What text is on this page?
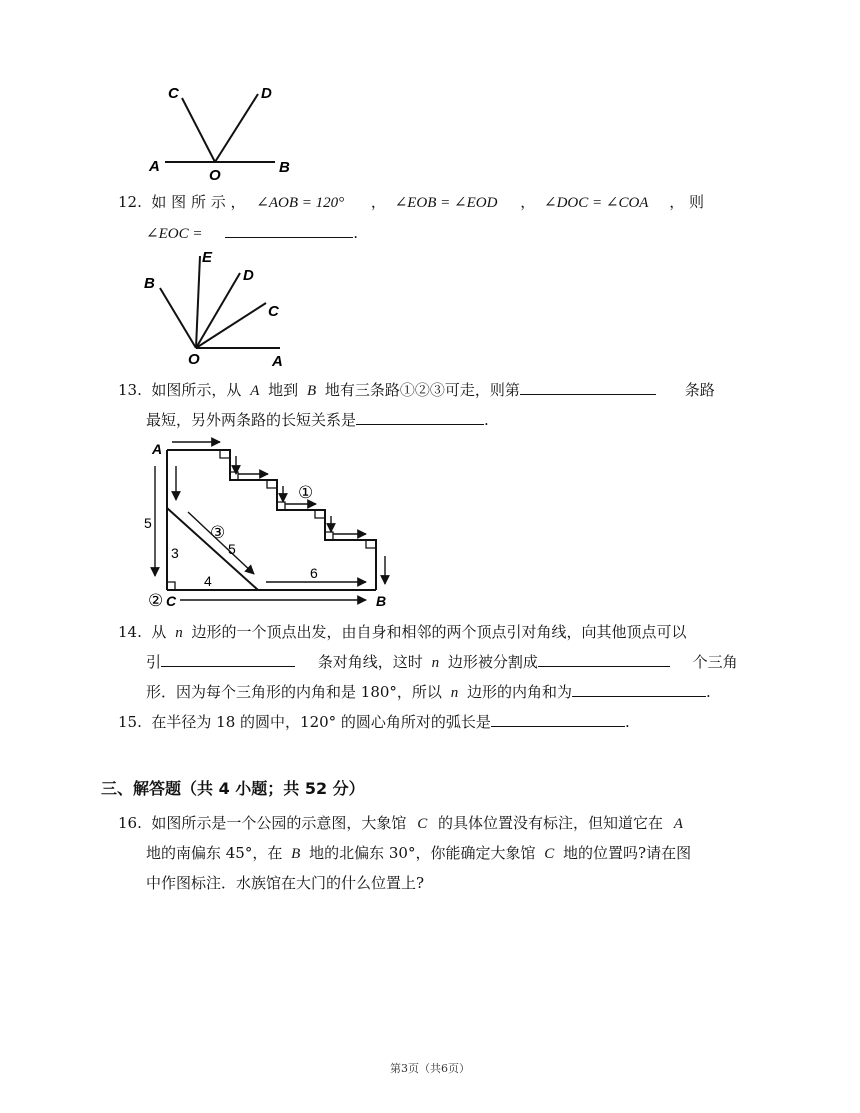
C	D
A
O	B
12. 如 图 所 示 ， ∠AOB = 120° ， ∠EOB = ∠EOD ， ∠DOC = ∠COA ， 则
∠EOC =	.
E
B	D
C
O	A
13. 如图所示，从 A 地到 B 地有三条路①②③可走，则第	条路
最短，另外两条路的长短关系是	.
A
B
C
①
②
③
5
3
4
5
6
14. 从 n 边形的一个顶点出发，由自身和相邻的两个顶点引对角线，向其他顶点可以
引	条对角线，这时 n 边形被分割成	个三角
形．因为每个三角形的内角和是 180°，所以 n 边形的内角和为	.
15. 在半径为 18 的圆中，120° 的圆心角所对的弧长是	.
三、解答题（共 4 小题；共 52 分）
16. 如图所示是一个公园的示意图，大象馆 C 的具体位置没有标注，但知道它在 A
地的南偏东 45°，在 B 地的北偏东 30°，你能确定大象馆 C 地的位置吗?请在图
中作图标注．水族馆在大门的什么位置上?
第3页（共6页）
